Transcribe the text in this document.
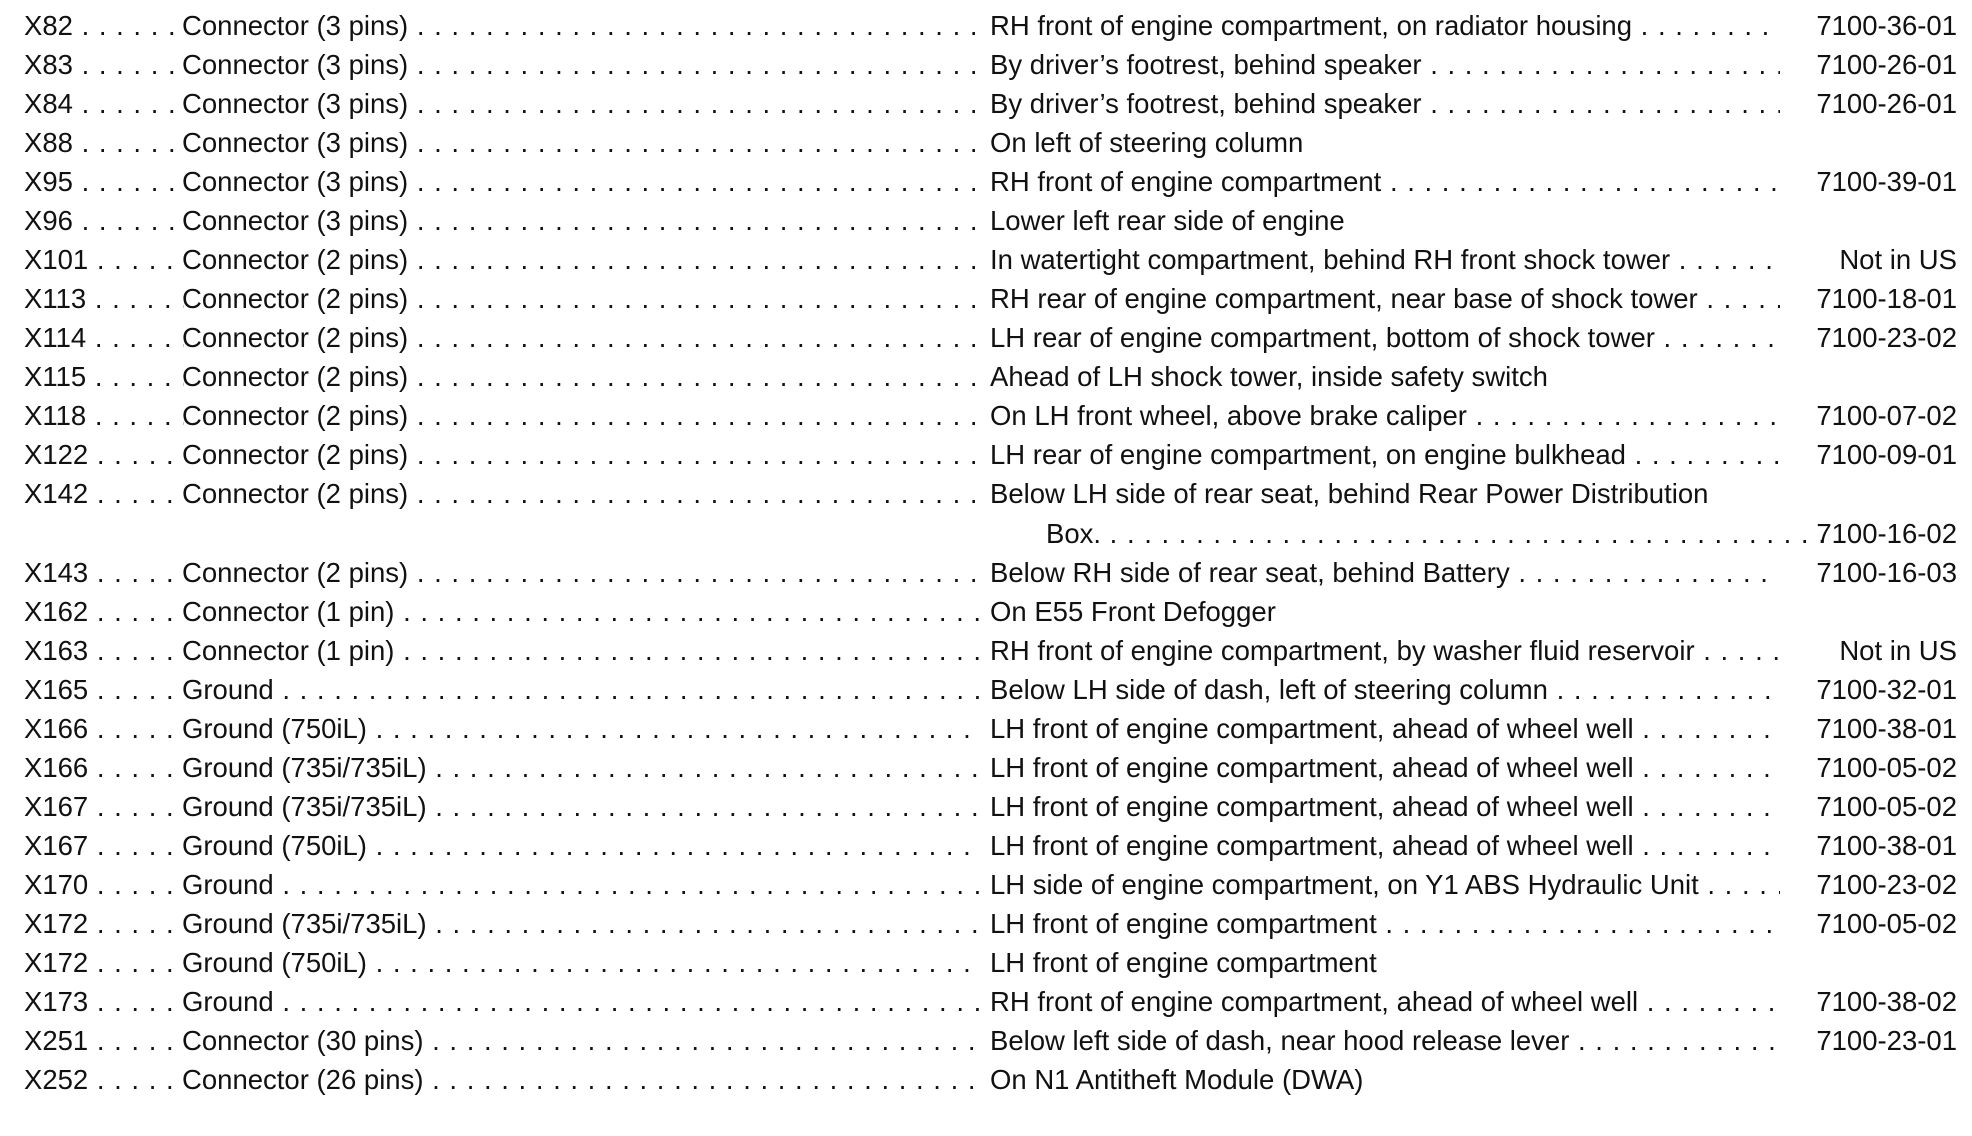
X82 . . .	Connector (3 pins) . . .	RH front of engine compartment, on radiator housing . . .	7100-36-01
X83 . . .	Connector (3 pins) . . .	By driver’s footrest, behind speaker . . .	7100-26-01
X84 . . .	Connector (3 pins) . . .	By driver’s footrest, behind speaker . . .	7100-26-01
X88 . . .	Connector (3 pins) . . .	On left of steering column
X95 . . .	Connector (3 pins) . . .	RH front of engine compartment . . .	7100-39-01
X96 . . .	Connector (3 pins) . . .	Lower left rear side of engine
X101 . . .	Connector (2 pins) . . .	In watertight compartment, behind RH front shock tower . . .	Not in US
X113 . . .	Connector (2 pins) . . .	RH rear of engine compartment, near base of shock tower . . .	7100-18-01
X114 . . .	Connector (2 pins) . . .	LH rear of engine compartment, bottom of shock tower . . .	7100-23-02
X115 . . .	Connector (2 pins) . . .	Ahead of LH shock tower, inside safety switch
X118 . . .	Connector (2 pins) . . .	On LH front wheel, above brake caliper . . .	7100-07-02
X122 . . .	Connector (2 pins) . . .	LH rear of engine compartment, on engine bulkhead . . .	7100-09-01
X142 . . .	Connector (2 pins) . . .	Below LH side of rear seat, behind Rear Power Distribution
Box. . . .	7100-16-02
X143 . . .	Connector (2 pins) . . .	Below RH side of rear seat, behind Battery . . .	7100-16-03
X162 . . .	Connector (1 pin) . . .	On E55 Front Defogger
X163 . . .	Connector (1 pin) . . .	RH front of engine compartment, by washer fluid reservoir . . .	Not in US
X165 . . .	Ground . . .	Below LH side of dash, left of steering column . . .	7100-32-01
X166 . . .	Ground (750iL) . . .	LH front of engine compartment, ahead of wheel well . . .	7100-38-01
X166 . . .	Ground (735i/735iL) . . .	LH front of engine compartment, ahead of wheel well . . .	7100-05-02
X167 . . .	Ground (735i/735iL) . . .	LH front of engine compartment, ahead of wheel well . . .	7100-05-02
X167 . . .	Ground (750iL) . . .	LH front of engine compartment, ahead of wheel well . . .	7100-38-01
X170 . . .	Ground . . .	LH side of engine compartment, on Y1 ABS Hydraulic Unit . . .	7100-23-02
X172 . . .	Ground (735i/735iL) . . .	LH front of engine compartment . . .	7100-05-02
X172 . . .	Ground (750iL) . . .	LH front of engine compartment
X173 . . .	Ground . . .	RH front of engine compartment, ahead of wheel well . . .	7100-38-02
X251 . . .	Connector (30 pins) . . .	Below left side of dash, near hood release lever . . .	7100-23-01
X252 . . .	Connector (26 pins) . . .	On N1 Antitheft Module (DWA)
